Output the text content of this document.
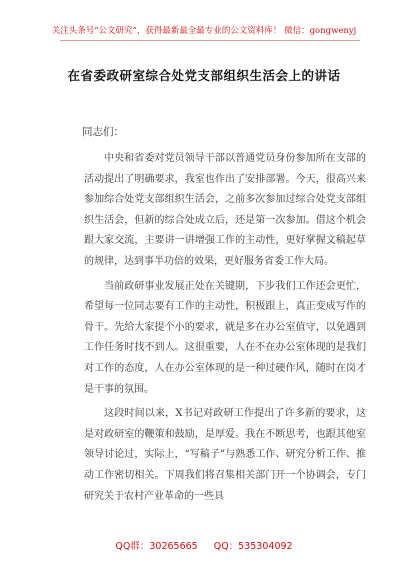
关注头条号“公文研究”，获得最新最全最专业的公文资料库！ 微信：gongwenyj
在省委政研室综合处党支部组织生活会上的讲话
同志们：

中央和省委对党员领导干部以普通党员身份参加所在支部的活动提出了明确要求，我室也作出了安排部署。今天，很高兴来参加综合处党支部组织生活会，之前多次参加过综合处党支部组织生活会，但新的综合处成立后，还是第一次参加。借这个机会跟大家交流，主要讲一讲增强工作的主动性，更好掌握文稿起草的规律，达到事半功倍的效果，更好服务省委工作大局。

当前政研事业发展正处在关键期，下步我们工作还会更忙，希望每一位同志要有工作的主动性，积极跟上，真正变成写作的骨干。先给大家提个小的要求，就是多在办公室值守，以免遇到工作任务时找不到人。这很重要，人在不在办公室体现的是我们对工作的态度，人在办公室体现的是一种过硬作风，随时在岗才是干事的氛围。

这段时间以来，X书记对政研工作提出了许多新的要求，这是对政研室的鞭策和鼓励，是厚爱。我在不断思考，也跟其他室领导讨论过，实际上，“写稿子”与熟悉工作、研究分析工作、推动工作密切相关。下周我们将召集相关部门开一个协调会，专门研究关于农村产业革命的一些具

QQ群：30265665 QQ：535304092
